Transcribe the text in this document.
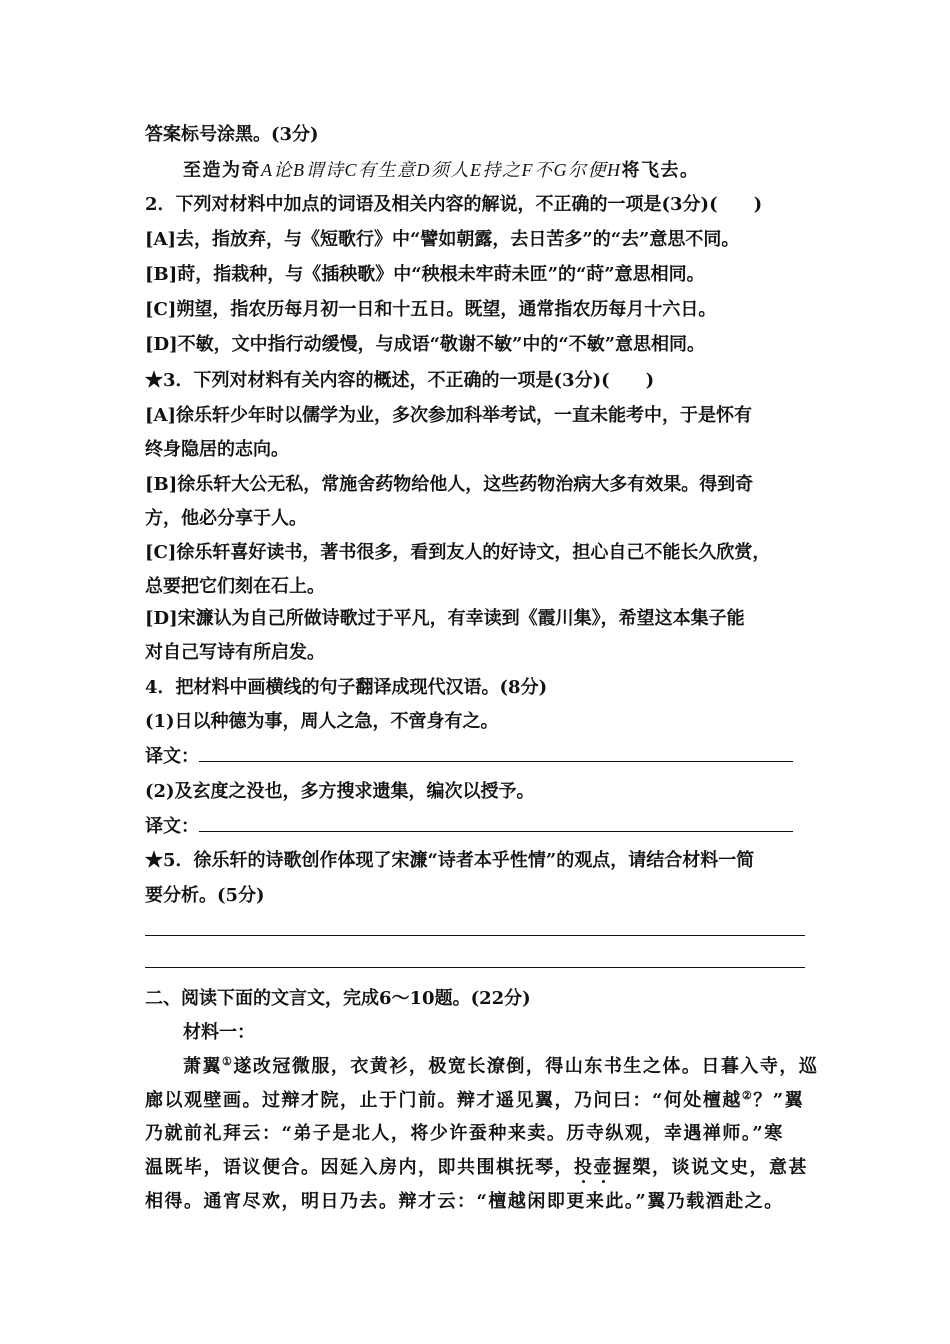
答案标号涂黑。(3分)
至造为奇A论B谓诗C有生意D须人E持之F不G尔便H将飞去。
2．下列对材料中加点的词语及相关内容的解说，不正确的一项是(3分)(　　)
[A]去，指放弃，与《短歌行》中“譬如朝露，去日苦多”的“去”意思不同。
[B]莳，指栽种，与《插秧歌》中“秧根未牢莳未匝”的“莳”意思相同。
[C]朔望，指农历每月初一日和十五日。既望，通常指农历每月十六日。
[D]不敏，文中指行动缓慢，与成语“敬谢不敏”中的“不敏”意思相同。
★3．下列对材料有关内容的概述，不正确的一项是(3分)(　　)
[A]徐乐轩少年时以儒学为业，多次参加科举考试，一直未能考中，于是怀有
终身隐居的志向。
[B]徐乐轩大公无私，常施舍药物给他人，这些药物治病大多有效果。得到奇
方，他必分享于人。
[C]徐乐轩喜好读书，著书很多，看到友人的好诗文，担心自己不能长久欣赏，
总要把它们刻在石上。
[D]宋濂认为自己所做诗歌过于平凡，有幸读到《霞川集》，希望这本集子能
对自己写诗有所启发。
4．把材料中画横线的句子翻译成现代汉语。(8分)
(1)日以种德为事，周人之急，不啻身有之。
译文：
(2)及玄度之没也，多方搜求遗集，编次以授予。
译文：
★5．徐乐轩的诗歌创作体现了宋濂“诗者本乎性情”的观点，请结合材料一简
要分析。(5分)
二、阅读下面的文言文，完成6～10题。(22分)
材料一：
萧翼①遂改冠微服，衣黄衫，极宽长潦倒，得山东书生之体。日暮入寺，巡
廊以观壁画。过辩才院，止于门前。辩才遥见翼，乃问曰：“何处檀越②？”翼
乃就前礼拜云：“弟子是北人，将少许蚕种来卖。历寺纵观，幸遇禅师。”寒
温既毕，语议便合。因延入房内，即共围棋抚琴，投壶握槊，谈说文史，意甚
相得。通宵尽欢，明日乃去。辩才云：“檀越闲即更来此。”翼乃载酒赴之。
